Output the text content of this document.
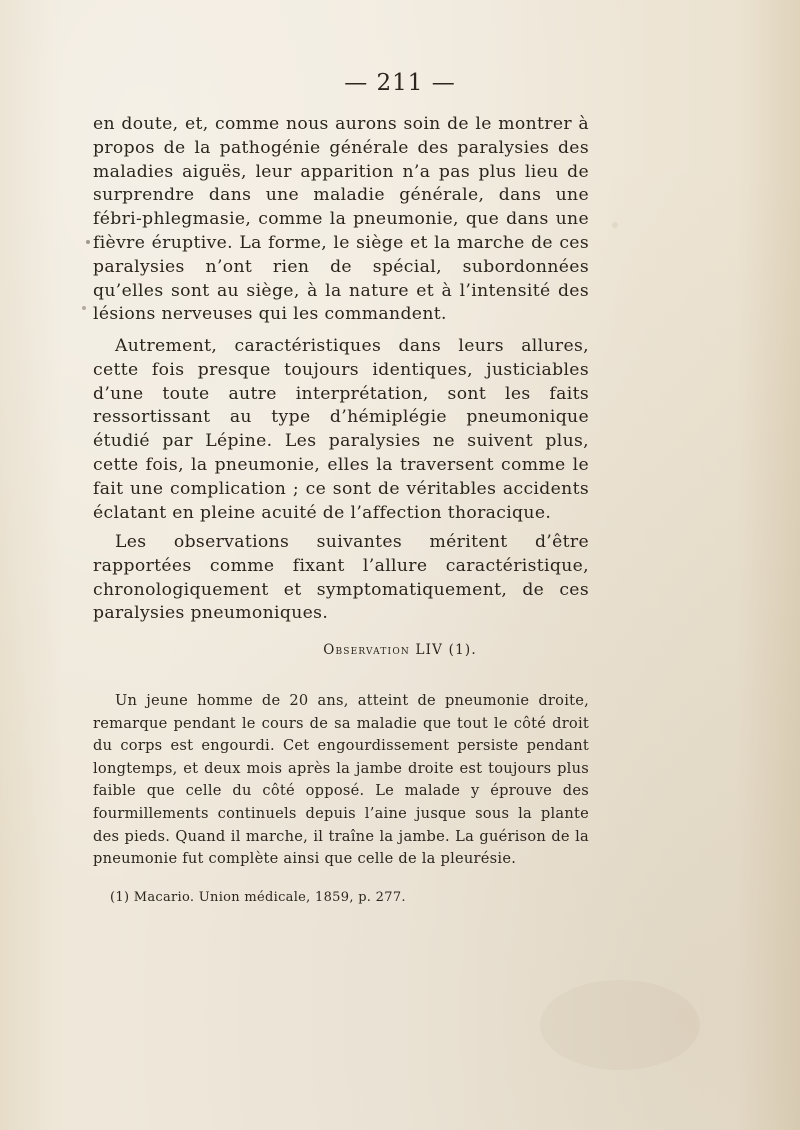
— 211 —

en doute, et, comme nous aurons soin de le montrer à propos de la pathogénie générale des paralysies des maladies aiguës, leur apparition n’a pas plus lieu de surprendre dans une maladie générale, dans une fébri-phlegmasie, comme la pneumonie, que dans une fièvre éruptive. La forme, le siège et la marche de ces paralysies n’ont rien de spécial, subordonnées qu’elles sont au siège, à la nature et à l’intensité des lésions nerveuses qui les commandent.

Autrement, caractéristiques dans leurs allures, cette fois presque toujours identiques, justiciables d’une toute autre interprétation, sont les faits ressortissant au type d’hémiplégie pneumonique étudié par Lépine. Les paralysies ne suivent plus, cette fois, la pneumonie, elles la traversent comme le fait une complication ; ce sont de véritables accidents éclatant en pleine acuité de l’affection thoracique.

Les observations suivantes méritent d’être rapportées comme fixant l’allure caractéristique, chronologiquement et symptomatiquement, de ces paralysies pneumoniques.

Observation LIV (1).

Un jeune homme de 20 ans, atteint de pneumonie droite, remarque pendant le cours de sa maladie que tout le côté droit du corps est engourdi. Cet engourdissement persiste pendant longtemps, et deux mois après la jambe droite est toujours plus faible que celle du côté opposé. Le malade y éprouve des fourmillements continuels depuis l’aine jusque sous la plante des pieds. Quand il marche, il traîne la jambe. La guérison de la pneumonie fut complète ainsi que celle de la pleurésie.

(1) Macario. Union médicale, 1859, p. 277.
